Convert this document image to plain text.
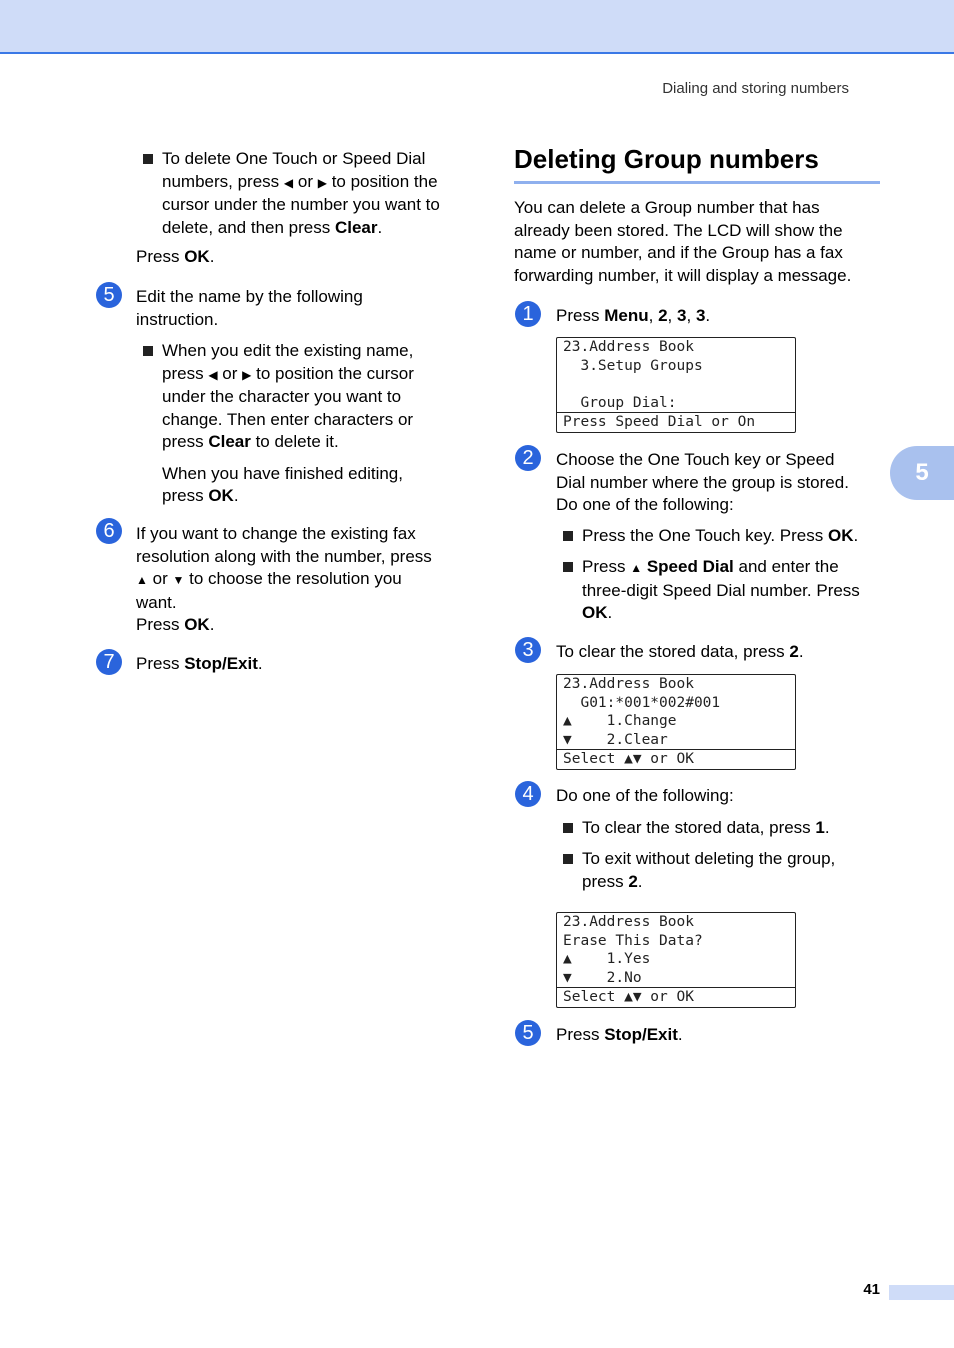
Dialing and storing numbers
5
To delete One Touch or Speed Dial
numbers, press ◀ or ▶ to position the
cursor under the number you want to
delete, and then press Clear.
Press OK.
5	Edit the name by the following
instruction.
When you edit the existing name,
press ◀ or ▶ to position the cursor
under the character you want to
change. Then enter characters or
press Clear to delete it.
When you have finished editing,
press OK.
6	If you want to change the existing fax
resolution along with the number, press
▲ or ▼ to choose the resolution you
want.
Press OK.
7	Press Stop/Exit.
Deleting Group numbers
You can delete a Group number that has
already been stored. The LCD will show the
name or number, and if the Group has a fax
forwarding number, it will display a message.
1	Press Menu, 2, 3, 3.
23.Address Book
3.Setup Groups
Group Dial:
Press Speed Dial or On
2	Choose the One Touch key or Speed
Dial number where the group is stored.
Do one of the following:
Press the One Touch key. Press OK.
Press ▲ Speed Dial and enter the
three-digit Speed Dial number. Press
OK.
3	To clear the stored data, press 2.
23.Address Book
G01:*001*002#001
▲    1.Change
▼    2.Clear
Select ▲▼ or OK
4	Do one of the following:
To clear the stored data, press 1.
To exit without deleting the group,
press 2.
23.Address Book
Erase This Data?
▲    1.Yes
▼    2.No
Select ▲▼ or OK
5	Press Stop/Exit.
41
